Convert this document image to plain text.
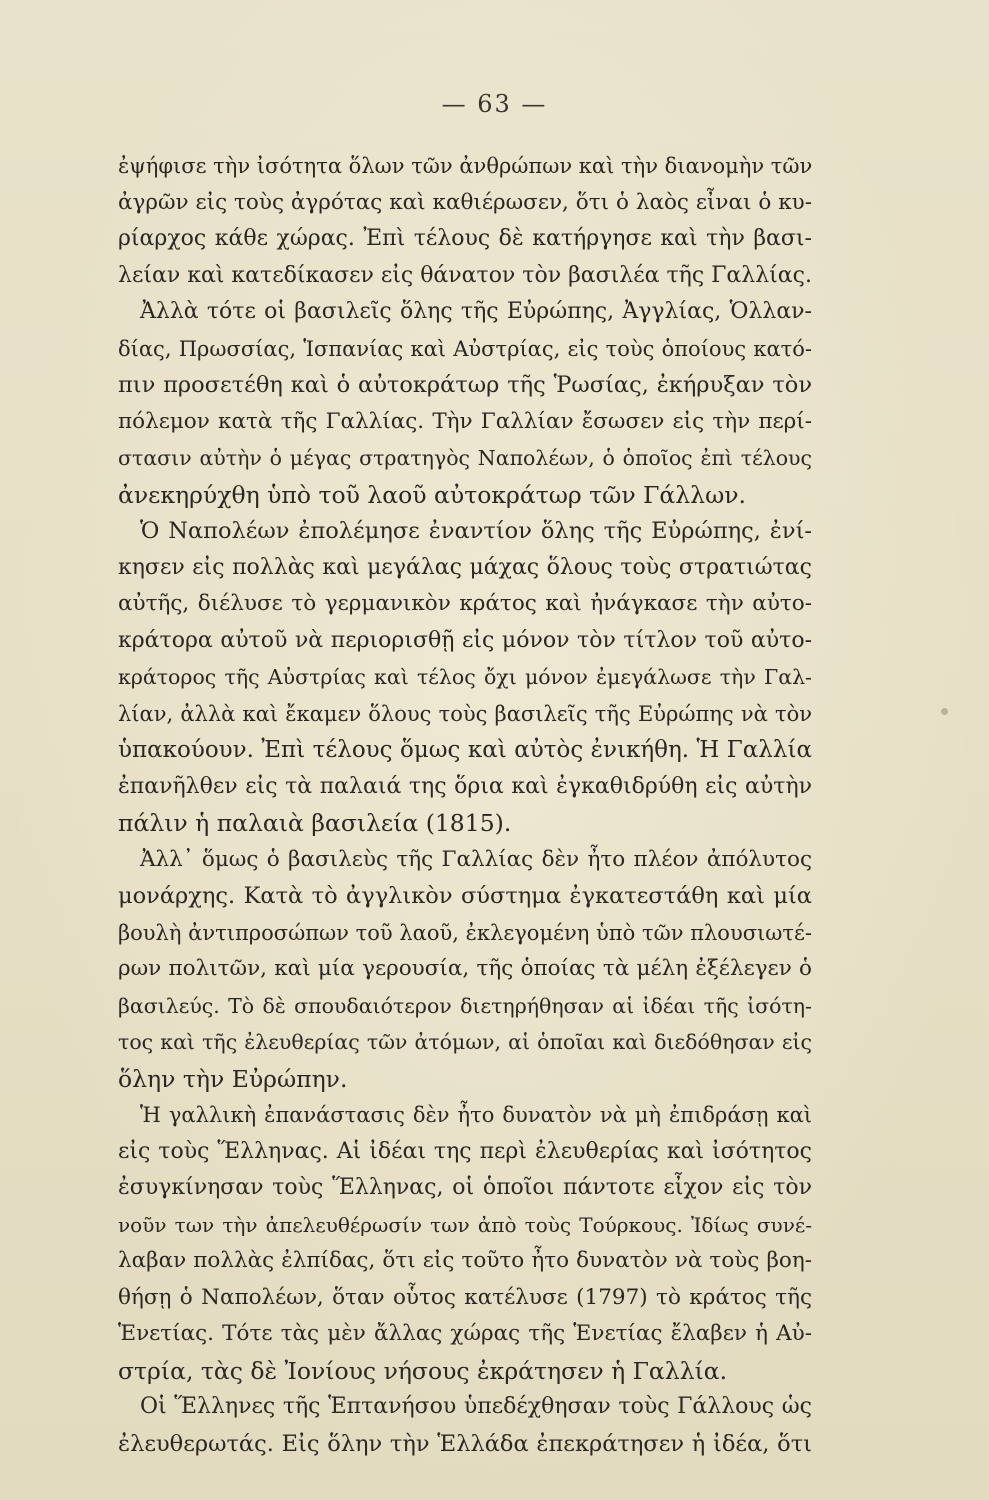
— 63 —
ἐψήφισε τὴν ἰσότητα ὅλων τῶν ἀνθρώπων καὶ τὴν διανομὴν τῶν
ἀγρῶν εἰς τοὺς ἀγρότας καὶ καθιέρωσεν, ὅτι ὁ λαὸς εἶναι ὁ κυ-
ρίαρχος κάθε χώρας. Ἐπὶ τέλους δὲ κατήργησε καὶ τὴν βασι-
λείαν καὶ κατεδίκασεν εἰς θάνατον τὸν βασιλέα τῆς Γαλλίας.
Ἀλλὰ τότε οἱ βασιλεῖς ὅλης τῆς Εὐρώπης, Ἀγγλίας, Ὁλλαν-
δίας, Πρωσσίας, Ἱσπανίας καὶ Αὐστρίας, εἰς τοὺς ὁποίους κατό-
πιν προσετέθη καὶ ὁ αὐτοκράτωρ τῆς Ῥωσίας, ἐκήρυξαν τὸν
πόλεμον κατὰ τῆς Γαλλίας. Τὴν Γαλλίαν ἔσωσεν εἰς τὴν περί-
στασιν αὐτὴν ὁ μέγας στρατηγὸς Ναπολέων, ὁ ὁποῖος ἐπὶ τέλους
ἀνεκηρύχθη ὑπὸ τοῦ λαοῦ αὐτοκράτωρ τῶν Γάλλων.
Ὁ Ναπολέων ἐπολέμησε ἐναντίον ὅλης τῆς Εὐρώπης, ἐνί-
κησεν εἰς πολλὰς καὶ μεγάλας μάχας ὅλους τοὺς στρατιώτας
αὐτῆς, διέλυσε τὸ γερμανικὸν κράτος καὶ ἠνάγκασε τὴν αὐτο-
κράτορα αὐτοῦ νὰ περιορισθῇ εἰς μόνον τὸν τίτλον τοῦ αὐτο-
κράτορος τῆς Αὐστρίας καὶ τέλος ὄχι μόνον ἐμεγάλωσε τὴν Γαλ-
λίαν, ἀλλὰ καὶ ἔκαμεν ὅλους τοὺς βασιλεῖς τῆς Εὐρώπης νὰ τὸν
ὑπακούουν. Ἐπὶ τέλους ὅμως καὶ αὐτὸς ἐνικήθη. Ἡ Γαλλία
ἐπανῆλθεν εἰς τὰ παλαιά της ὅρια καὶ ἐγκαθιδρύθη εἰς αὐτὴν
πάλιν ἡ παλαιὰ βασιλεία (1815).
Ἀλλ᾿ ὅμως ὁ βασιλεὺς τῆς Γαλλίας δὲν ἦτο πλέον ἀπόλυτος
μονάρχης. Κατὰ τὸ ἀγγλικὸν σύστημα ἐγκατεστάθη καὶ μία
βουλὴ ἀντιπροσώπων τοῦ λαοῦ, ἐκλεγομένη ὑπὸ τῶν πλουσιωτέ-
ρων πολιτῶν, καὶ μία γερουσία, τῆς ὁποίας τὰ μέλη ἐξέλεγεν ὁ
βασιλεύς. Τὸ δὲ σπουδαιότερον διετηρήθησαν αἱ ἰδέαι τῆς ἰσότη-
τος καὶ τῆς ἐλευθερίας τῶν ἀτόμων, αἱ ὁποῖαι καὶ διεδόθησαν εἰς
ὅλην τὴν Εὐρώπην.
Ἡ γαλλικὴ ἐπανάστασις δὲν ἦτο δυνατὸν νὰ μὴ ἐπιδράσῃ καὶ
εἰς τοὺς Ἕλληνας. Αἱ ἰδέαι της περὶ ἐλευθερίας καὶ ἰσότητος
ἐσυγκίνησαν τοὺς Ἕλληνας, οἱ ὁποῖοι πάντοτε εἶχον εἰς τὸν
νοῦν των τὴν ἀπελευθέρωσίν των ἀπὸ τοὺς Τούρκους. Ἰδίως συνέ-
λαβαν πολλὰς ἐλπίδας, ὅτι εἰς τοῦτο ἦτο δυνατὸν νὰ τοὺς βοη-
θήσῃ ὁ Ναπολέων, ὅταν οὗτος κατέλυσε (1797) τὸ κράτος τῆς
Ἑνετίας. Τότε τὰς μὲν ἄλλας χώρας τῆς Ἑνετίας ἔλαβεν ἡ Αὐ-
στρία, τὰς δὲ Ἰονίους νήσους ἐκράτησεν ἡ Γαλλία.
Οἱ Ἕλληνες τῆς Ἑπτανήσου ὑπεδέχθησαν τοὺς Γάλλους ὡς
ἐλευθερωτάς. Εἰς ὅλην τὴν Ἑλλάδα ἐπεκράτησεν ἡ ἰδέα, ὅτι
